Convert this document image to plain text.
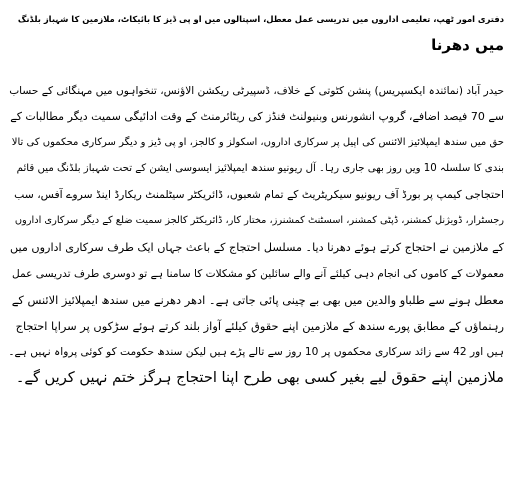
دفتری امور ٹھپ، تعلیمی اداروں میں تدریسی عمل معطل، اسپتالوں میں او پی ڈیز کا بائیکاٹ، ملازمین کا شہباز بلڈنگ
میں دھرنا
حیدر آباد (نمائندہ ایکسپریس) پنشن کٹوتی کے خلاف، ڈسپیرٹی ریکشن الاؤنس، تنخواہوں میں مہنگائی کے حساب
سے 70 فیصد اضافے، گروپ انشورنس وبنیولنٹ فنڈز کی ریٹائرمنٹ کے وقت ادائیگی سمیت دیگر مطالبات کے
حق میں سندھ ایمپلائیز الائنس کی اپیل پر سرکاری اداروں، اسکولز و کالجز، او پی ڈیز و دیگر سرکاری محکموں کی تالا
بندی کا سلسلہ 10 ویں روز بھی جاری رہا۔ آل ریونیو سندھ ایمپلائیز ایسوسی ایشن کے تحت شہباز بلڈنگ میں قائم
احتجاجی کیمپ پر بورڈ آف ریونیو سیکریٹریٹ کے تمام شعبوں، ڈائریکٹر سیٹلمنٹ ریکارڈ اینڈ سروے آفس، سب
رجسٹرار، ڈویژنل کمشنر، ڈپٹی کمشنر، اسسٹنٹ کمشنرز، مختار کار، ڈائریکٹر کالجز سمیت ضلع کے دیگر سرکاری اداروں
کے ملازمین نے احتجاج کرتے ہوئے دھرنا دیا۔ مسلسل احتجاج کے باعث جہاں ایک طرف سرکاری اداروں میں
معمولات کے کاموں کی انجام دہی کیلئے آنے والے سائلین کو مشکلات کا سامنا ہے تو دوسری طرف تدریسی عمل
معطل ہونے سے طلباو والدین میں بھی بے چینی پائی جاتی ہے۔ ادھر دھرنے میں سندھ ایمپلائیز الائنس کے
رہنماؤں کے مطابق پورے سندھ کے ملازمین اپنے حقوق کیلئے آواز بلند کرتے ہوئے سڑکوں پر سراپا احتجاج
ہیں اور 42 سے زائد سرکاری محکموں پر 10 روز سے تالے پڑے ہیں لیکن سندھ حکومت کو کوئی پرواہ نہیں ہے۔
ملازمین اپنے حقوق لیے بغیر کسی بھی طرح اپنا احتجاج ہرگز ختم نہیں کریں گے۔
